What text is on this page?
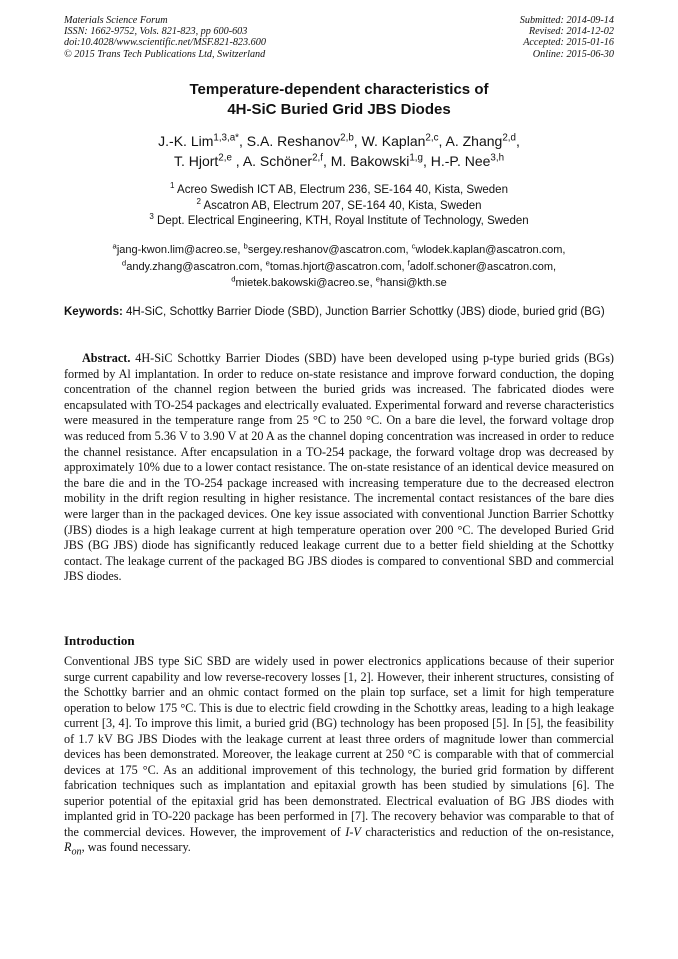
Materials Science Forum
ISSN: 1662-9752, Vols. 821-823, pp 600-603
doi:10.4028/www.scientific.net/MSF.821-823.600
© 2015 Trans Tech Publications Ltd, Switzerland
Submitted: 2014-09-14
Revised: 2014-12-02
Accepted: 2015-01-16
Online: 2015-06-30
Temperature-dependent characteristics of
4H-SiC Buried Grid JBS Diodes
J.-K. Lim$^{1,3,a*}$, S.A. Reshanov$^{2,b}$, W. Kaplan$^{2,c}$, A. Zhang$^{2,d}$,
T. Hjort$^{2,e}$ , A. Schöner$^{2,f}$, M. Bakowski$^{1,g}$, H.-P. Nee$^{3,h}$
$^1$ Acreo Swedish ICT AB, Electrum 236, SE-164 40, Kista, Sweden
$^2$ Ascatron AB, Electrum 207, SE-164 40, Kista, Sweden
$^3$ Dept. Electrical Engineering, KTH, Royal Institute of Technology, Sweden
$^a$jang-kwon.lim@acreo.se, $^b$sergey.reshanov@ascatron.com, $^c$wlodek.kaplan@ascatron.com,
$^d$andy.zhang@ascatron.com, $^e$tomas.hjort@ascatron.com, $^f$adolf.schoner@ascatron.com,
$^d$mietek.bakowski@acreo.se, $^e$hansi@kth.se
Keywords: 4H-SiC, Schottky Barrier Diode (SBD), Junction Barrier Schottky (JBS) diode, buried grid (BG)

Abstract. 4H-SiC Schottky Barrier Diodes (SBD) have been developed using p-type buried grids (BGs) formed by Al implantation. In order to reduce on-state resistance and improve forward conduction, the doping concentration of the channel region between the buried grids was increased. The fabricated diodes were encapsulated with TO-254 packages and electrically evaluated. Experimental forward and reverse characteristics were measured in the temperature range from 25 °C to 250 °C. On a bare die level, the forward voltage drop was reduced from 5.36 V to 3.90 V at 20 A as the channel doping concentration was increased in order to reduce the channel resistance. After encapsulation in a TO-254 package, the forward voltage drop was decreased by approximately 10% due to a lower contact resistance. The on-state resistance of an identical device measured on the bare die and in the TO-254 package increased with increasing temperature due to the decreased electron mobility in the drift region resulting in higher resistance. The incremental contact resistances of the bare dies were larger than in the packaged devices. One key issue associated with conventional Junction Barrier Schottky (JBS) diodes is a high leakage current at high temperature operation over 200 °C. The developed Buried Grid JBS (BG JBS) diode has significantly reduced leakage current due to a better field shielding at the Schottky contact. The leakage current of the packaged BG JBS diodes is compared to conventional SBD and commercial JBS diodes.

Introduction

Conventional JBS type SiC SBD are widely used in power electronics applications because of their superior surge current capability and low reverse-recovery losses [1, 2]. However, their inherent structures, consisting of the Schottky barrier and an ohmic contact formed on the plain top surface, set a limit for high temperature operation to below 175 °C. This is due to electric field crowding in the Schottky areas, leading to a high leakage current [3, 4]. To improve this limit, a buried grid (BG) technology has been proposed [5]. In [5], the feasibility of 1.7 kV BG JBS Diodes with the leakage current at least three orders of magnitude lower than commercial devices has been demonstrated. Moreover, the leakage current at 250 °C is comparable with that of commercial devices at 175 °C. As an additional improvement of this technology, the buried grid formation by different fabrication techniques such as implantation and epitaxial growth has been studied by simulations [6]. The superior potential of the epitaxial grid has been demonstrated. Electrical evaluation of BG JBS diodes with implanted grid in TO-220 package has been performed in [7]. The recovery behavior was comparable to that of the commercial devices. However, the improvement of I-V characteristics and reduction of the on-resistance, $R_{on}$, was found necessary.
